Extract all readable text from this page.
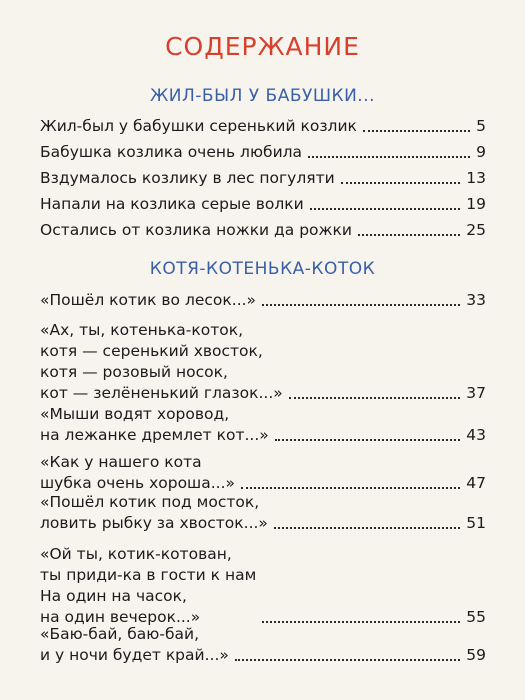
СОДЕРЖАНИЕ
ЖИЛ-БЫЛ У БАБУШКИ...
Жил-был у бабушки серенький козлик	5
Бабушка козлика очень любила	9
Вздумалось козлику в лес погуляти	13
Напали на козлика серые волки	19
Остались от козлика ножки да рожки	25
КОТЯ-КОТЕНЬКА-КОТОК
«Пошёл котик во лесок...»	33
«Ах, ты, котенька-коток,
котя — серенький хвосток,
котя — розовый носок,
кот — зелёненький глазок...»	37
«Мыши водят хоровод,
на лежанке дремлет кот...»	43
«Как у нашего кота
шубка очень хороша...»	47
«Пошёл котик под мосток,
ловить рыбку за хвосток...»	51
«Ой ты, котик-котован,
ты приди-ка в гости к нам
На один на часок,
на один вечерок...»	55
«Баю-бай, баю-бай,
и у ночи будет край...»	59
